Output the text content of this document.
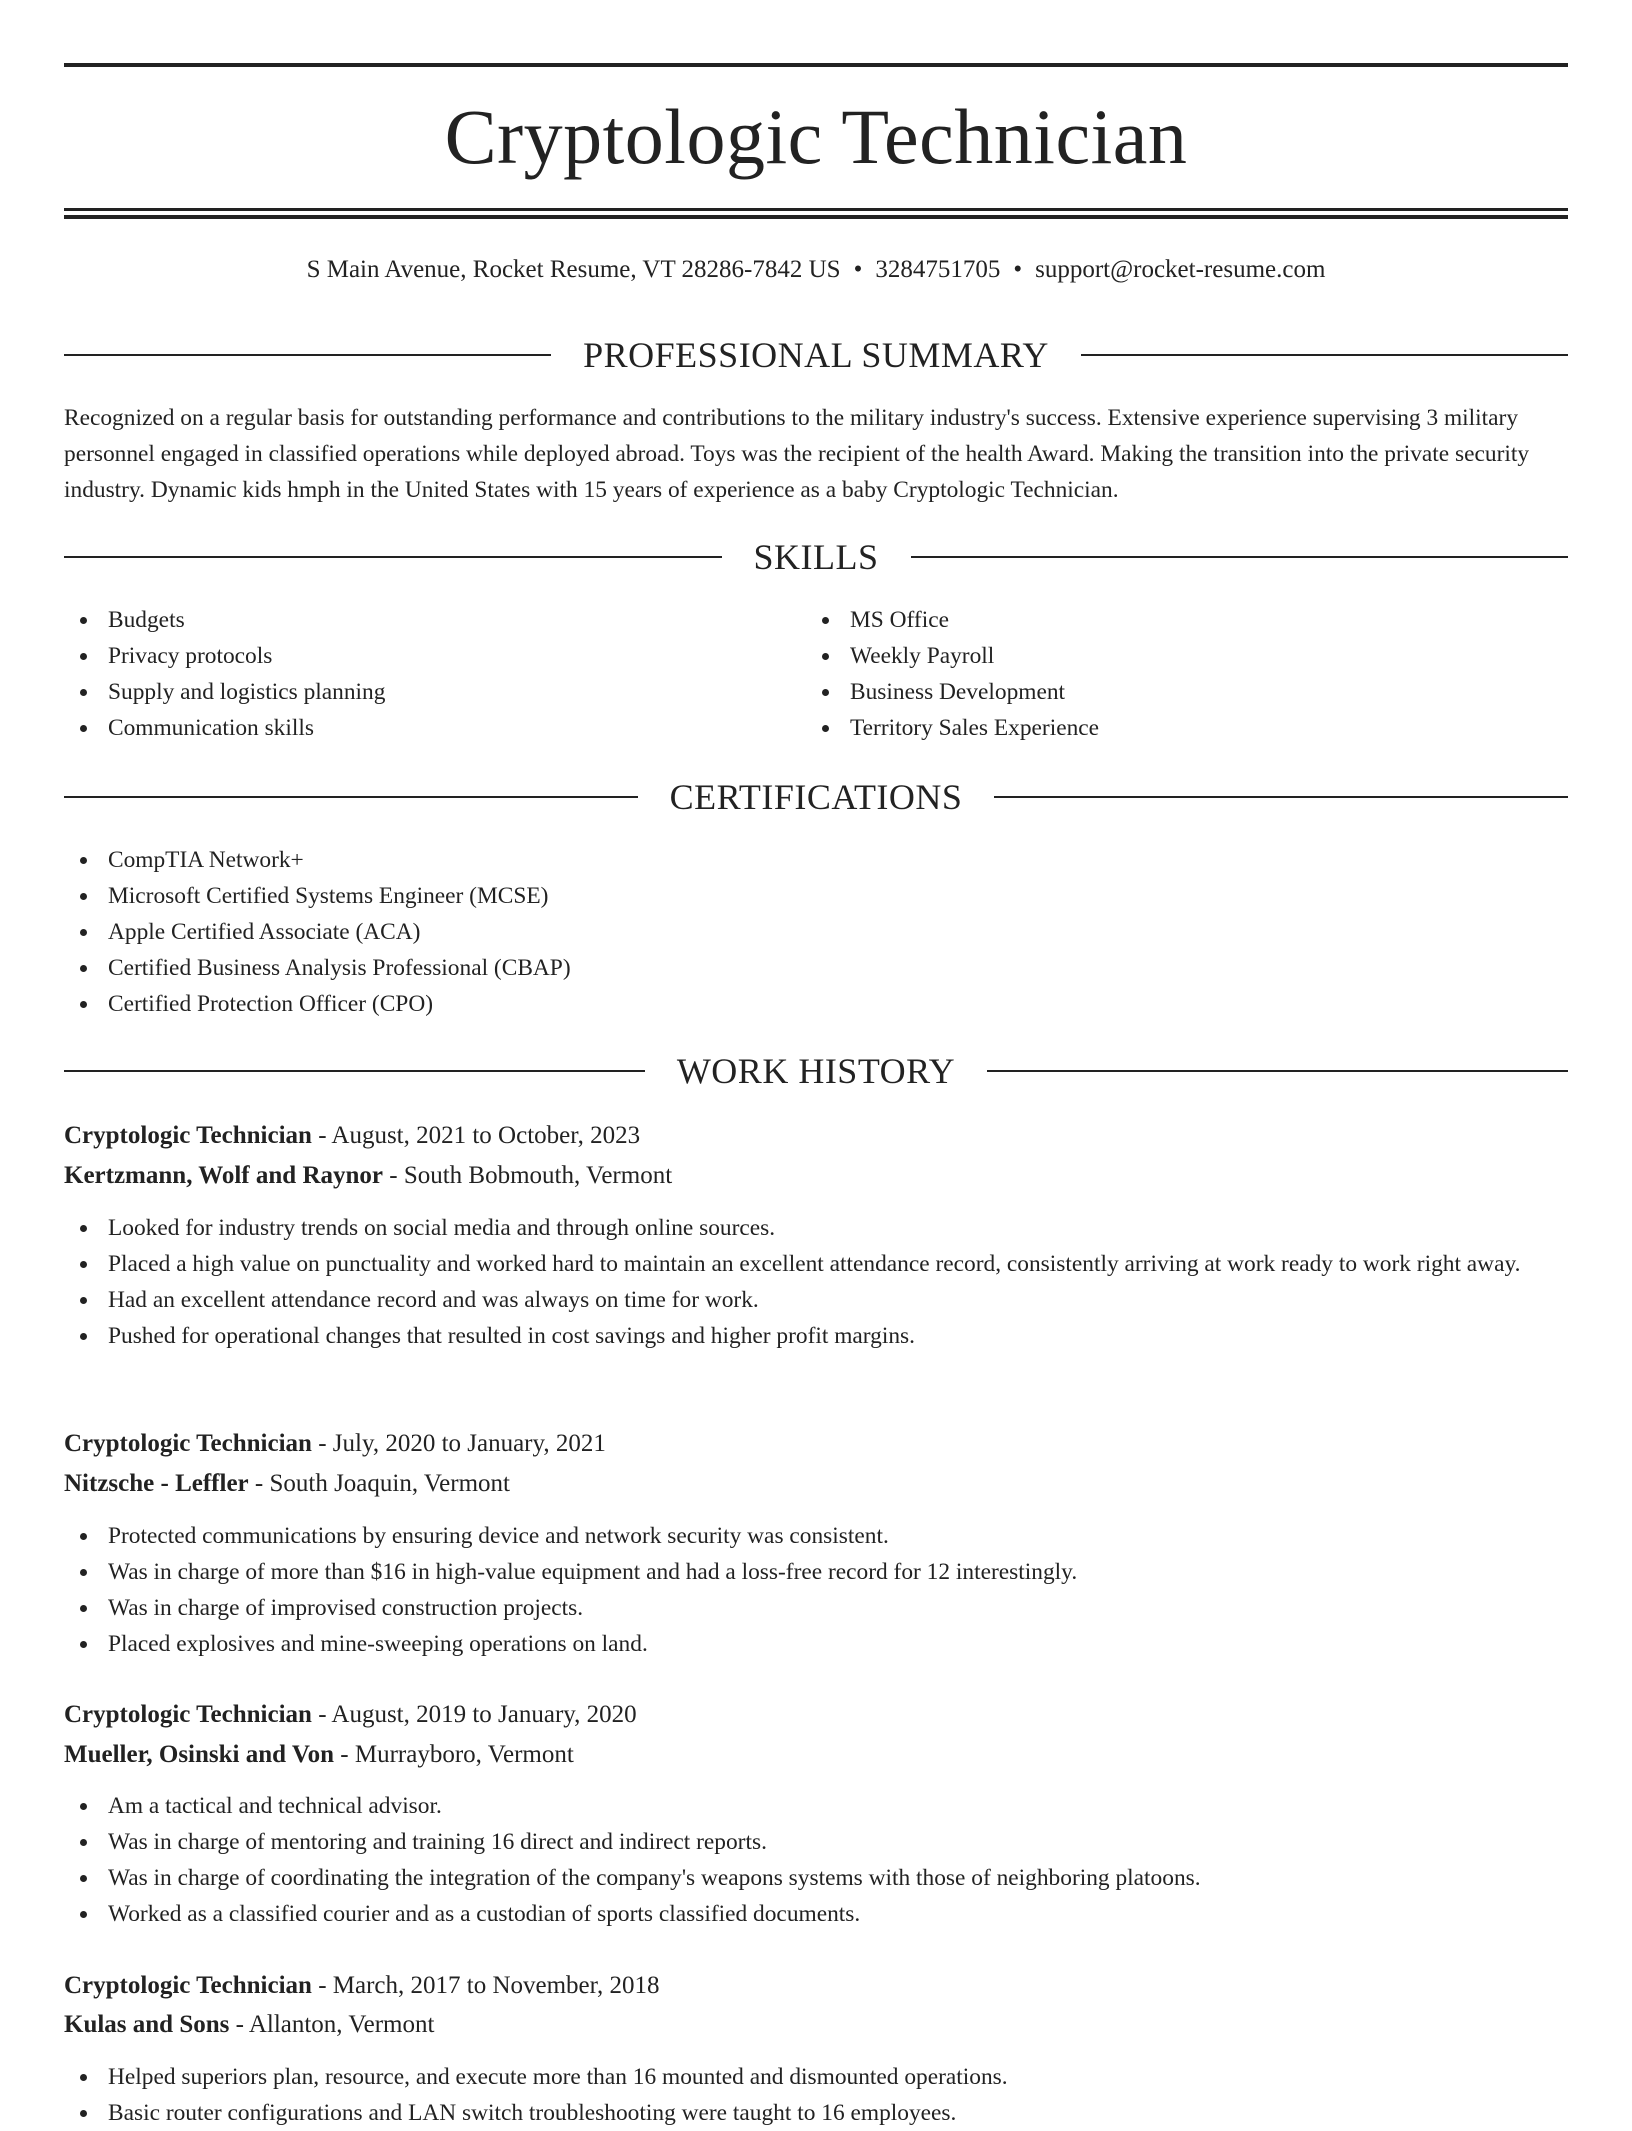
Cryptologic Technician
S Main Avenue, Rocket Resume, VT 28286-7842 US • 3284751705 • support@rocket-resume.com
PROFESSIONAL SUMMARY

Recognized on a regular basis for outstanding performance and contributions to the military industry's success. Extensive experience supervising 3 military personnel engaged in classified operations while deployed abroad. Toys was the recipient of the health Award. Making the transition into the private security industry. Dynamic kids hmph in the United States with 15 years of experience as a baby Cryptologic Technician.

SKILLS
Budgets
Privacy protocols
Supply and logistics planning
Communication skills
MS Office
Weekly Payroll
Business Development
Territory Sales Experience
CERTIFICATIONS
CompTIA Network+
Microsoft Certified Systems Engineer (MCSE)
Apple Certified Associate (ACA)
Certified Business Analysis Professional (CBAP)
Certified Protection Officer (CPO)
WORK HISTORY
Cryptologic Technician - August, 2021 to October, 2023
Kertzmann, Wolf and Raynor - South Bobmouth, Vermont
Looked for industry trends on social media and through online sources.
Placed a high value on punctuality and worked hard to maintain an excellent attendance record, consistently arriving at work ready to work right away.
Had an excellent attendance record and was always on time for work.
Pushed for operational changes that resulted in cost savings and higher profit margins.
Cryptologic Technician - July, 2020 to January, 2021
Nitzsche - Leffler - South Joaquin, Vermont
Protected communications by ensuring device and network security was consistent.
Was in charge of more than $16 in high-value equipment and had a loss-free record for 12 interestingly.
Was in charge of improvised construction projects.
Placed explosives and mine-sweeping operations on land.
Cryptologic Technician - August, 2019 to January, 2020
Mueller, Osinski and Von - Murrayboro, Vermont
Am a tactical and technical advisor.
Was in charge of mentoring and training 16 direct and indirect reports.
Was in charge of coordinating the integration of the company's weapons systems with those of neighboring platoons.
Worked as a classified courier and as a custodian of sports classified documents.
Cryptologic Technician - March, 2017 to November, 2018
Kulas and Sons - Allanton, Vermont
Helped superiors plan, resource, and execute more than 16 mounted and dismounted operations.
Basic router configurations and LAN switch troubleshooting were taught to 16 employees.
